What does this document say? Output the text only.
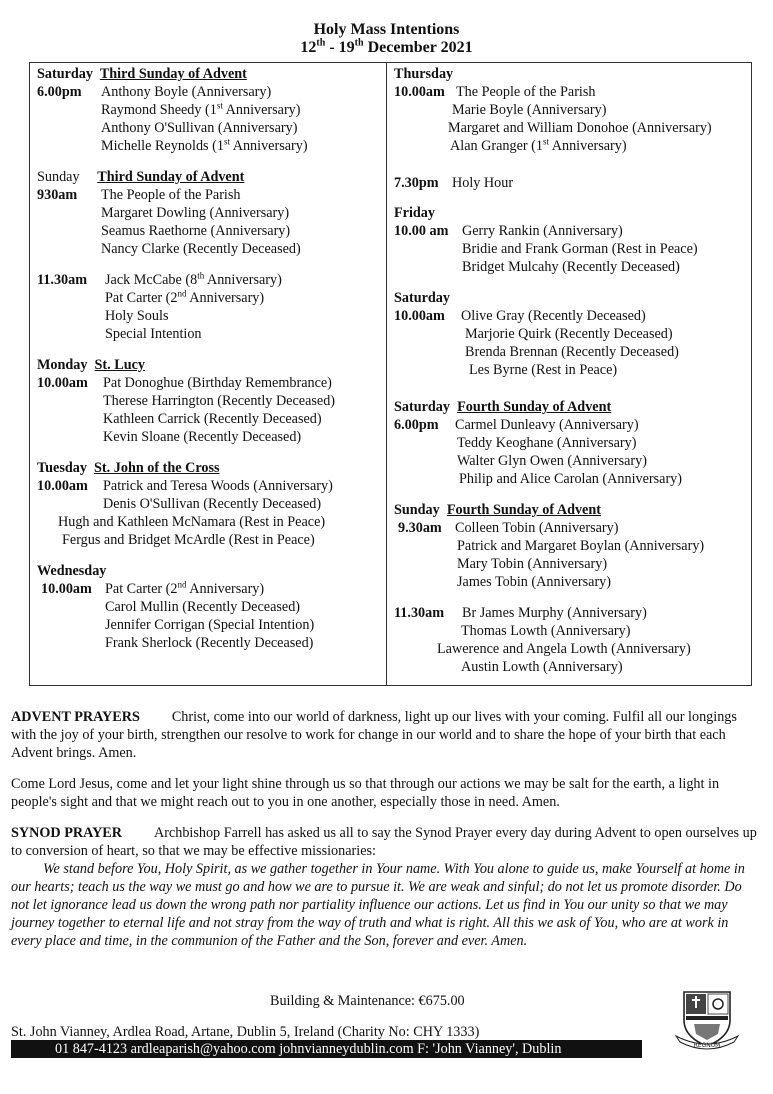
Holy Mass Intentions
12th - 19th December 2021
Saturday Third Sunday of Advent
6.00pm Anthony Boyle (Anniversary)
Raymond Sheedy (1st Anniversary)
Anthony O'Sullivan (Anniversary)
Michelle Reynolds (1st Anniversary)
Sunday Third Sunday of Advent
930am The People of the Parish
Margaret Dowling (Anniversary)
Seamus Raethorne (Anniversary)
Nancy Clarke (Recently Deceased)
11.30am Jack McCabe (8th Anniversary)
Pat Carter (2nd Anniversary)
Holy Souls
Special Intention
Monday St. Lucy
10.00am Pat Donoghue (Birthday Remembrance)
Therese Harrington (Recently Deceased)
Kathleen Carrick (Recently Deceased)
Kevin Sloane (Recently Deceased)
Tuesday St. John of the Cross
10.00am Patrick and Teresa Woods (Anniversary)
Denis O'Sullivan (Recently Deceased)
Hugh and Kathleen McNamara (Rest in Peace)
Fergus and Bridget McArdle (Rest in Peace)
Wednesday
10.00am Pat Carter (2nd Anniversary)
Carol Mullin (Recently Deceased)
Jennifer Corrigan (Special Intention)
Frank Sherlock (Recently Deceased)
Thursday
10.00am The People of the Parish
Marie Boyle (Anniversary)
Margaret and William Donohoe (Anniversary)
Alan Granger (1st Anniversary)
7.30pm Holy Hour
Friday
10.00 am Gerry Rankin (Anniversary)
Bridie and Frank Gorman (Rest in Peace)
Bridget Mulcahy (Recently Deceased)
Saturday
10.00am Olive Gray (Recently Deceased)
Marjorie Quirk (Recently Deceased)
Brenda Brennan (Recently Deceased)
Les Byrne (Rest in Peace)
Saturday Fourth Sunday of Advent
6.00pm Carmel Dunleavy (Anniversary)
Teddy Keoghane (Anniversary)
Walter Glyn Owen (Anniversary)
Philip and Alice Carolan (Anniversary)
Sunday Fourth Sunday of Advent
9.30am Colleen Tobin (Anniversary)
Patrick and Margaret Boylan (Anniversary)
Mary Tobin (Anniversary)
James Tobin (Anniversary)
11.30am Br James Murphy (Anniversary)
Thomas Lowth (Anniversary)
Lawerence and Angela Lowth (Anniversary)
Austin Lowth (Anniversary)
ADVENT PRAYERS Christ, come into our world of darkness, light up our lives with your coming. Fulfil all our longings with the joy of your birth, strengthen our resolve to work for change in our world and to share the hope of your birth that each Advent brings. Amen.
Come Lord Jesus, come and let your light shine through us so that through our actions we may be salt for the earth, a light in people's sight and that we might reach out to you in one another, especially those in need. Amen.
SYNOD PRAYER Archbishop Farrell has asked us all to say the Synod Prayer every day during Advent to open ourselves up to conversion of heart, so that we may be effective missionaries:
We stand before You, Holy Spirit, as we gather together in Your name. With You alone to guide us, make Yourself at home in our hearts; teach us the way we must go and how we are to pursue it. We are weak and sinful; do not let us promote disorder. Do not let ignorance lead us down the wrong path nor partiality influence our actions. Let us find in You our unity so that we may journey together to eternal life and not stray from the way of truth and what is right. All this we ask of You, who are at work in every place and time, in the communion of the Father and the Son, forever and ever. Amen.
Building & Maintenance: €675.00
St. John Vianney, Ardlea Road, Artane, Dublin 5, Ireland (Charity No: CHY 1333)
01 847-4123 ardleaparish@yahoo.com johnvianneydublin.com F: 'John Vianney', Dublin	REGNUM
